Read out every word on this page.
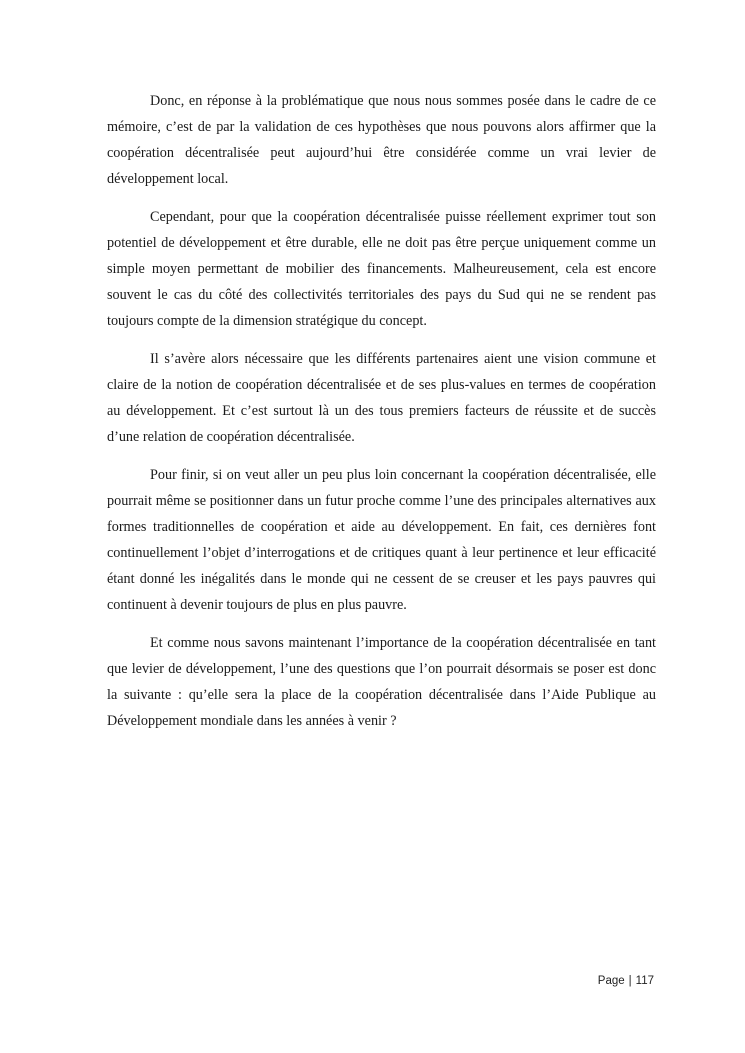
Donc, en réponse à la problématique que nous nous sommes posée dans le cadre de ce mémoire, c’est de par la validation de ces hypothèses que nous pouvons alors affirmer que la coopération décentralisée peut aujourd’hui être considérée comme un vrai levier de développement local.

Cependant, pour que la coopération décentralisée puisse réellement exprimer tout son potentiel de développement et être durable, elle ne doit pas être perçue uniquement comme un simple moyen permettant de mobilier des financements. Malheureusement, cela est encore souvent le cas du côté des collectivités territoriales des pays du Sud qui ne se rendent pas toujours compte de la dimension stratégique du concept.

Il s’avère alors nécessaire que les différents partenaires aient une vision commune et claire de la notion de coopération décentralisée et de ses plus-values en termes de coopération au développement. Et c’est surtout là un des tous premiers facteurs de réussite et de succès d’une relation de coopération décentralisée.

Pour finir, si on veut aller un peu plus loin concernant la coopération décentralisée, elle pourrait même se positionner dans un futur proche comme l’une des principales alternatives aux formes traditionnelles de coopération et aide au développement. En fait, ces dernières font continuellement l’objet d’interrogations et de critiques quant à leur pertinence et leur efficacité étant donné les inégalités dans le monde qui ne cessent de se creuser et les pays pauvres qui continuent à devenir toujours de plus en plus pauvre.

Et comme nous savons maintenant l’importance de la coopération décentralisée en tant que levier de développement, l’une des questions que l’on pourrait désormais se poser est donc la suivante : qu’elle sera la place de la coopération décentralisée dans l’Aide Publique au Développement mondiale dans les années à venir ?

Page | 117
